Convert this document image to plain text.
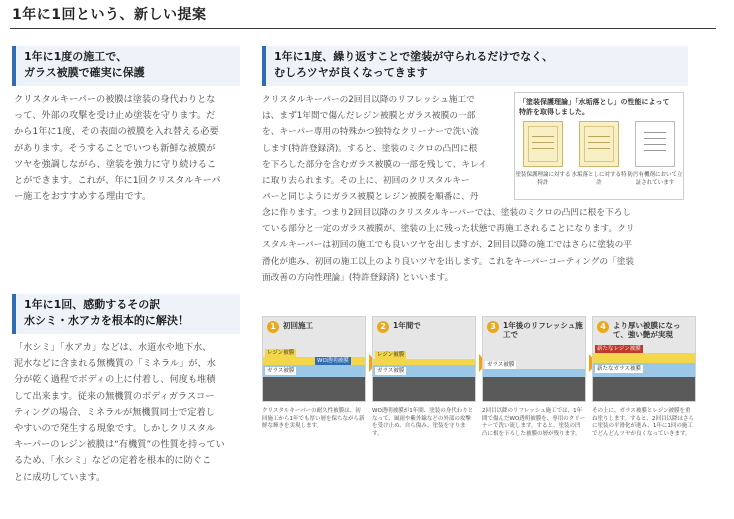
1年に1回という、新しい提案
1年に1度の施工で、
ガラス被膜で確実に保護
クリスタルキーパーの被膜は塗装の身代わりとな
って、外部の攻撃を受け止め塗装を守ります。だ
から1年に1度、その表面の被膜を入れ替える必要
があります。そうすることでいつも新鮮な被膜が
ツヤを強調しながら、塗装を強力に守り続けるこ
とができます。これが、年に1回クリスタルキーパ
ー施工をおすすめする理由です。
1年に1度、繰り返すことで塗装が守られるだけでなく、
むしろツヤが良くなってきます
クリスタルキーパーの2回目以降のリフレッシュ施工で
は、まず1年間で傷んだレジン被膜とガラス被膜の一部
を、キーパー専用の特殊かつ独特なクリーナーで洗い流
します(特許登録済)。すると、塗装のミクロの凸凹に根
を下ろした部分を含むガラス被膜の一部を残して、キレイ
に取り去られます。その上に、初回のクリスタルキー
パーと同じようにガラス被膜とレジン被膜を順番に、丹
念に作ります。つまり2回目以降のクリスタルキーパーでは、塗装のミクロの凸凹に根を下ろし
ている部分と一定のガラス被膜が、塗装の上に残った状態で再施工されることになります。クリ
スタルキーパーは初回の施工でも良いツヤを出しますが、2回目以降の施工ではさらに塗装の平
滑化が進み、初回の施工以上のより良いツヤを出します。これをキーパーコーティングの「塗装
面改善の方向性理論」(特許登録済) といいます。
「塗装保護理論」「水垢落とし」の性能によって
特許を取得しました。
塗装保護理論に対する特許
水垢落としに対する特許
防汚有機剤において立証されています
1年に1回、感動するその訳
水シミ・水アカを根本的に解決！
「水シミ」「水アカ」などは、水道水や地下水、
泥水などに含まれる無機質の「ミネラル」が、水
分が乾く過程でボディの上に付着し、何度も堆積
して出来ます。従来の無機質のボディガラスコー
ティングの場合、ミネラルが無機質同士で定着し
やすいので発生する現象です。しかしクリスタル
キーパーのレジン被膜は“有機質”の性質を持ってい
るため、「水シミ」などの定着を根本的に防ぐこ
とに成功しています。
1 初回施工
レジン被膜
ガラス被膜
WO透明被膜
クリスタルキーパーの耐久性被膜は、初回施工から1年でも厚い層を保ちながら新鮮な輝きを実現します。
2 1年間で
レジン被膜
ガラス被膜
WO透明被膜が1年間、塗装の身代わりとなって、風雨や紫外線などの外部の攻撃を受け止め、自ら傷み、塗装を守ります。
3 1年後のリフレッシュ施工で
ガラス被膜
2回目以降のリフレッシュ施工では、1年間で傷んだWO透明被膜を、専用のクリーナーで洗い流します。すると、塗装の凹凸に根を下ろした被膜の層が残ります。
4 より厚い被膜になって、強い艶が実現
新たなレジン被膜
新たなガラス被膜
その上に、ガラス被膜とレジン被膜を重ね塗りします。すると、2回目以降はさらに塗装の平滑化が進み、1年に1回の施工でどんどんツヤが良くなっていきます。
